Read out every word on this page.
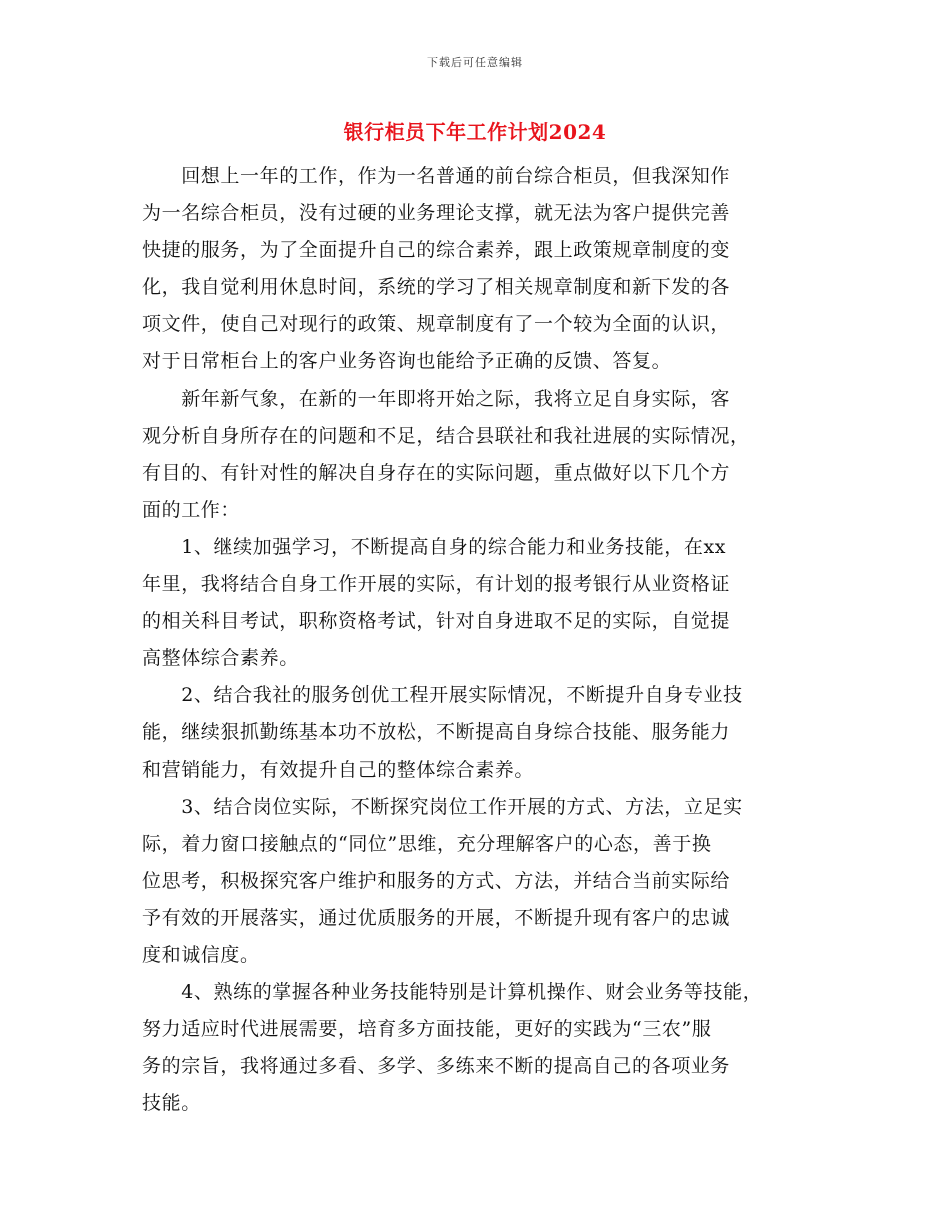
下载后可任意编辑
银行柜员下年工作计划2024
　　回想上一年的工作，作为一名普通的前台综合柜员，但我深知作
为一名综合柜员，没有过硬的业务理论支撑，就无法为客户提供完善
快捷的服务，为了全面提升自己的综合素养，跟上政策规章制度的变
化，我自觉利用休息时间，系统的学习了相关规章制度和新下发的各
项文件，使自己对现行的政策、规章制度有了一个较为全面的认识，
对于日常柜台上的客户业务咨询也能给予正确的反馈、答复。
　　新年新气象，在新的一年即将开始之际，我将立足自身实际，客
观分析自身所存在的问题和不足，结合县联社和我社进展的实际情况，
有目的、有针对性的解决自身存在的实际问题，重点做好以下几个方
面的工作：
　　1、继续加强学习，不断提高自身的综合能力和业务技能，在xx
年里，我将结合自身工作开展的实际，有计划的报考银行从业资格证
的相关科目考试，职称资格考试，针对自身进取不足的实际，自觉提
高整体综合素养。
　　2、结合我社的服务创优工程开展实际情况，不断提升自身专业技
能，继续狠抓勤练基本功不放松，不断提高自身综合技能、服务能力
和营销能力，有效提升自己的整体综合素养。
　　3、结合岗位实际，不断探究岗位工作开展的方式、方法，立足实
际，着力窗口接触点的“同位”思维，充分理解客户的心态，善于换
位思考，积极探究客户维护和服务的方式、方法，并结合当前实际给
予有效的开展落实，通过优质服务的开展，不断提升现有客户的忠诚
度和诚信度。
　　4、熟练的掌握各种业务技能特别是计算机操作、财会业务等技能，
努力适应时代进展需要，培育多方面技能，更好的实践为“三农”服
务的宗旨，我将通过多看、多学、多练来不断的提高自己的各项业务
技能。
